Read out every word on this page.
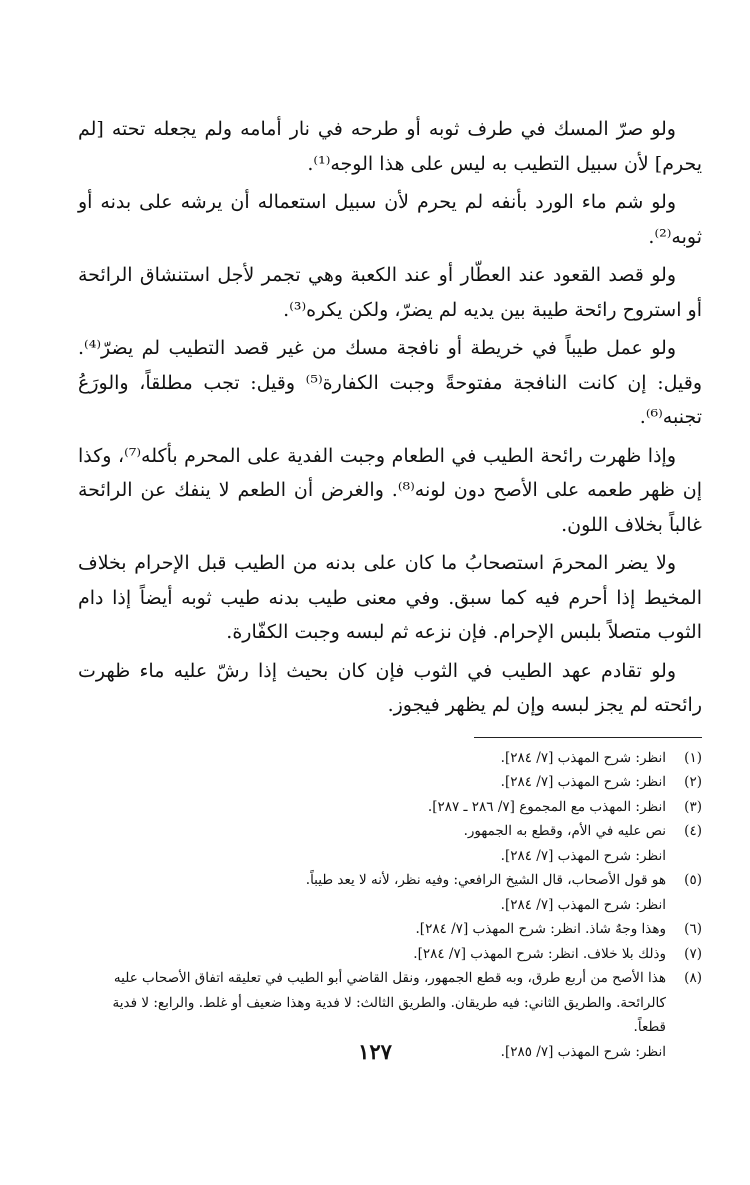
ولو صرّ المسك في طرف ثوبه أو طرحه في نار أمامه ولم يجعله تحته [لم يحرم] لأن سبيل التطيب به ليس على هذا الوجه⁽¹⁾.

ولو شم ماء الورد بأنفه لم يحرم لأن سبيل استعماله أن يرشه على بدنه أو ثوبه⁽²⁾.

ولو قصد القعود عند العطّار أو عند الكعبة وهي تجمر لأجل استنشاق الرائحة أو استروح رائحة طيبة بين يديه لم يضرّ، ولكن يكره⁽³⁾.

ولو عمل طيباً في خريطة أو نافجة مسك من غير قصد التطيب لم يضرّ⁽⁴⁾. وقيل: إن كانت النافجة مفتوحةً وجبت الكفارة⁽⁵⁾ وقيل: تجب مطلقاً، والورَعُ تجنبه⁽⁶⁾.

وإذا ظهرت رائحة الطيب في الطعام وجبت الفدية على المحرم بأكله⁽⁷⁾، وكذا إن ظهر طعمه على الأصح دون لونه⁽⁸⁾. والغرض أن الطعم لا ينفك عن الرائحة غالباً بخلاف اللون.

ولا يضر المحرمَ استصحابُ ما كان على بدنه من الطيب قبل الإحرام بخلاف المخيط إذا أحرم فيه كما سبق. وفي معنى طيب بدنه طيب ثوبه أيضاً إذا دام الثوب متصلاً بلبس الإحرام. فإن نزعه ثم لبسه وجبت الكفّارة.

ولو تقادم عهد الطيب في الثوب فإن كان بحيث إذا رشّ عليه ماء ظهرت رائحته لم يجز لبسه وإن لم يظهر فيجوز.

(١)
انظر: شرح المهذب [٧/ ٢٨٤].
(٢)
انظر: شرح المهذب [٧/ ٢٨٤].
(٣)
انظر: المهذب مع المجموع [٧/ ٢٨٦ ـ ٢٨٧].
(٤)
نص عليه في الأم، وقطع به الجمهور.
انظر: شرح المهذب [٧/ ٢٨٤].
(٥)
هو قول الأصحاب، قال الشيخ الرافعي: وفيه نظر، لأنه لا يعد طيباً.
انظر: شرح المهذب [٧/ ٢٨٤].
(٦)
وهذا وجهٌ شاذ. انظر: شرح المهذب [٧/ ٢٨٤].
(٧)
وذلك بلا خلاف. انظر: شرح المهذب [٧/ ٢٨٤].
(٨)
هذا الأصح من أربع طرق، وبه قطع الجمهور، ونقل القاضي أبو الطيب في تعليقه اتفاق الأصحاب عليه كالرائحة. والطريق الثاني: فيه طريقان. والطريق الثالث: لا فدية وهذا ضعيف أو غلط. والرابع: لا فدية قطعاً.
انظر: شرح المهذب [٧/ ٢٨٥].
١٢٧
